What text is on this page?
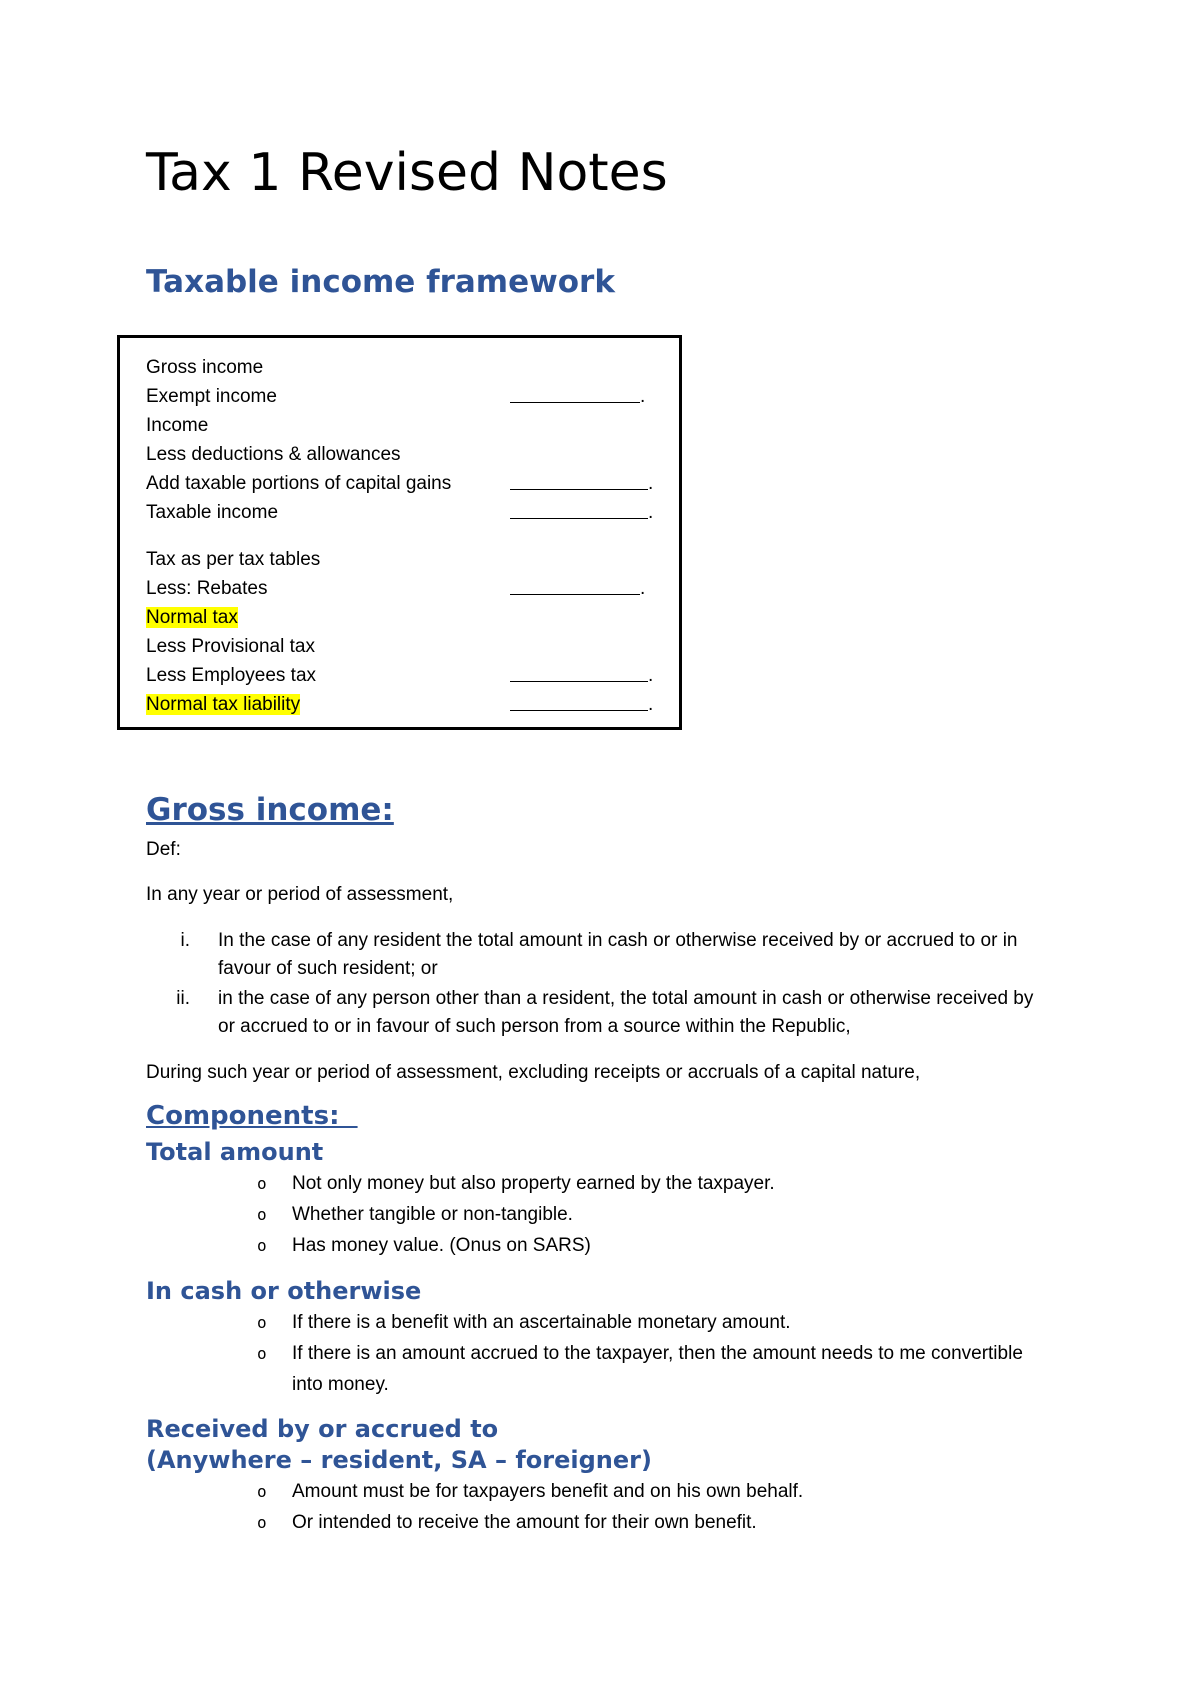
Tax 1 Revised Notes
Taxable income framework
Gross income
Exempt income	.
Income
Less deductions & allowances
Add taxable portions of capital gains	.
Taxable income	.
Tax as per tax tables
Less: Rebates	.
Normal tax
Less Provisional tax
Less Employees tax	.
Normal tax liability	.
Gross income:
Def:
In any year or period of assessment,
i. In the case of any resident the total amount in cash or otherwise received by or accrued to or in favour of such resident; or
ii. in the case of any person other than a resident, the total amount in cash or otherwise received by or accrued to or in favour of such person from a source within the Republic,
During such year or period of assessment, excluding receipts or accruals of a capital nature,
Components:
Total amount
o Not only money but also property earned by the taxpayer.
o Whether tangible or non-tangible.
o Has money value. (Onus on SARS)
In cash or otherwise
o If there is a benefit with an ascertainable monetary amount.
o If there is an amount accrued to the taxpayer, then the amount needs to me convertible into money.
Received by or accrued to
(Anywhere – resident, SA – foreigner)
o Amount must be for taxpayers benefit and on his own behalf.
o Or intended to receive the amount for their own benefit.
